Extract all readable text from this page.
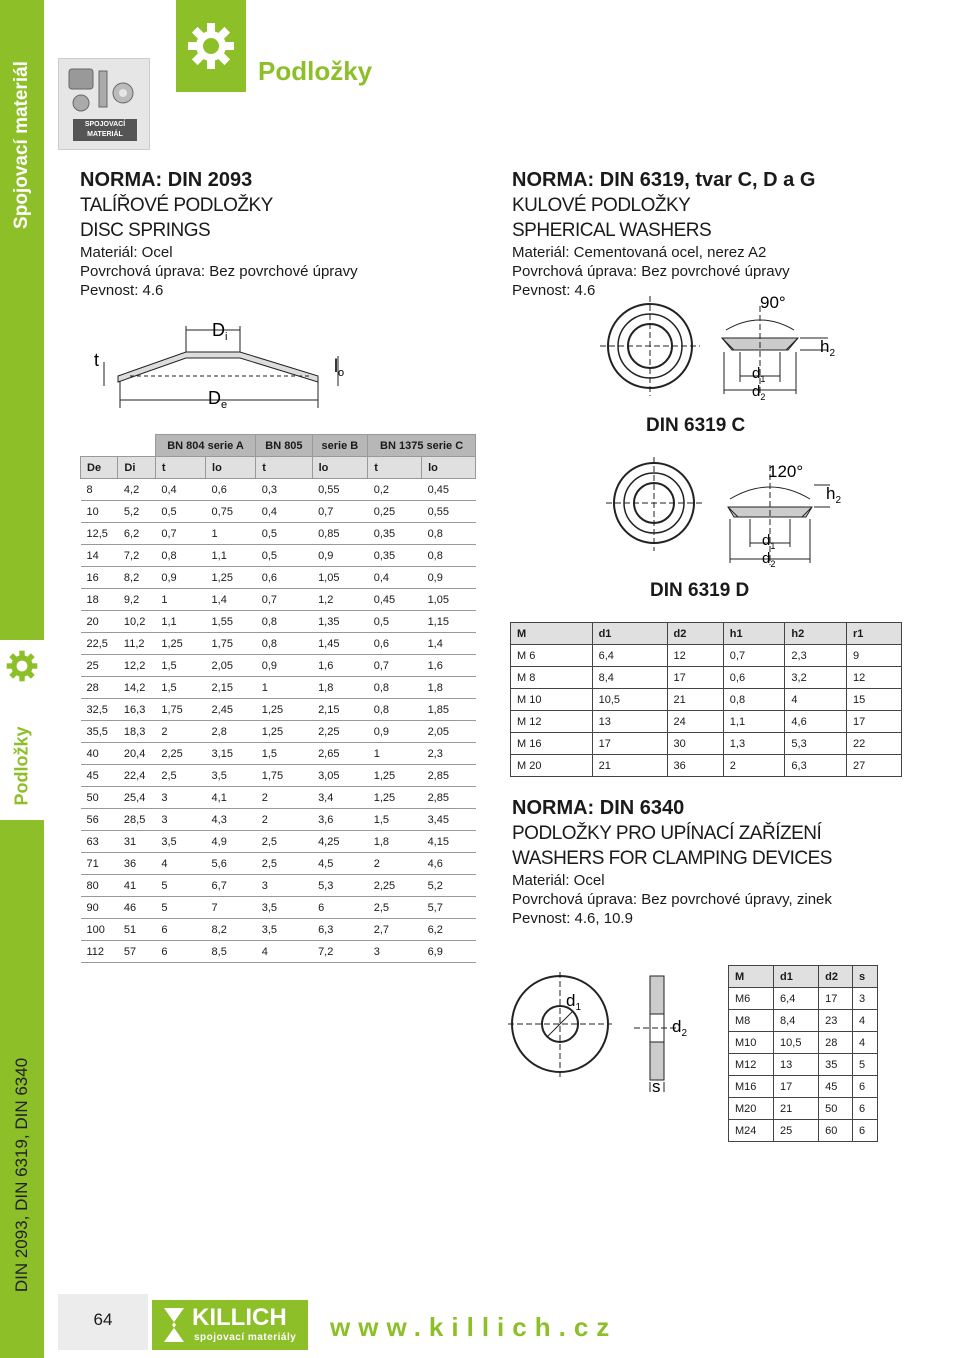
Spojovací materiál
Podložky
DIN 2093, DIN 6319, DIN 6340
SPOJOVACÍ MATERIÁL
Podložky
NORMA: DIN 2093
TALÍŘOVÉ PODLOŽKY
DISC SPRINGS
Materiál: Ocel
Povrchová úprava: Bez povrchové úpravy
Pevnost: 4.6
$D_i$
$D_e$
t	$l_o$
		BN 804 serie A		BN 805	serie B	BN 1375 serie C	
De	Di	t	lo	t	lo	t	lo
8	4,2	0,4	0,6	0,3	0,55	0,2	0,45
10	5,2	0,5	0,75	0,4	0,7	0,25	0,55
12,5	6,2	0,7	1	0,5	0,85	0,35	0,8
14	7,2	0,8	1,1	0,5	0,9	0,35	0,8
16	8,2	0,9	1,25	0,6	1,05	0,4	0,9
18	9,2	1	1,4	0,7	1,2	0,45	1,05
20	10,2	1,1	1,55	0,8	1,35	0,5	1,15
22,5	11,2	1,25	1,75	0,8	1,45	0,6	1,4
25	12,2	1,5	2,05	0,9	1,6	0,7	1,6
28	14,2	1,5	2,15	1	1,8	0,8	1,8
32,5	16,3	1,75	2,45	1,25	2,15	0,8	1,85
35,5	18,3	2	2,8	1,25	2,25	0,9	2,05
40	20,4	2,25	3,15	1,5	2,65	1	2,3
45	22,4	2,5	3,5	1,75	3,05	1,25	2,85
50	25,4	3	4,1	2	3,4	1,25	2,85
56	28,5	3	4,3	2	3,6	1,5	3,45
63	31	3,5	4,9	2,5	4,25	1,8	4,15
71	36	4	5,6	2,5	4,5	2	4,6
80	41	5	6,7	3	5,3	2,25	5,2
90	46	5	7	3,5	6	2,5	5,7
100	51	6	8,2	3,5	6,3	2,7	6,2
112	57	6	8,5	4	7,2	3	6,9
NORMA: DIN 6319, tvar C, D a G
KULOVÉ PODLOŽKY
SPHERICAL WASHERS
Materiál: Cementovaná ocel, nerez A2
Povrchová úprava: Bez povrchové úpravy
Pevnost: 4.6
90°
$h_2$
$d_1$
$d_2$
DIN 6319 C
120°
$h_2$
$d_1$
$d_2$
DIN 6319 D
M	d1	d2	h1	h2	r1
M 6	6,4	12	0,7	2,3	9
M 8	8,4	17	0,6	3,2	12
M 10	10,5	21	0,8	4	15
M 12	13	24	1,1	4,6	17
M 16	17	30	1,3	5,3	22
M 20	21	36	2	6,3	27
NORMA: DIN 6340
PODLOŽKY PRO UPÍNACÍ ZAŘÍZENÍ
WASHERS FOR CLAMPING DEVICES
Materiál: Ocel
Povrchová úprava: Bez povrchové úpravy, zinek
Pevnost: 4.6, 10.9
$d_1$
$d_2$
s
M	d1	d2	s
M6	6,4	17	3
M8	8,4	23	4
M10	10,5	28	4
M12	13	35	5
M16	17	45	6
M20	21	50	6
M24	25	60	6
64	KILLICH
spojovací materiály www.killich.cz
